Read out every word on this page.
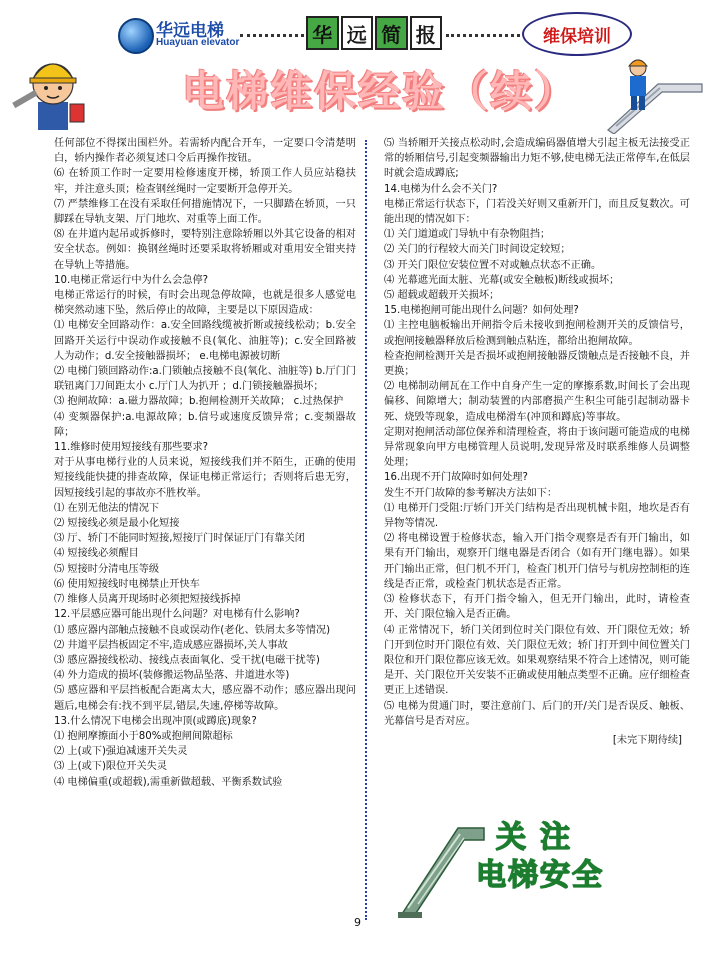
华远电梯
Huayuan elevator	华 远 简 报	维保培训
电梯维保经验（续）

任何部位不得探出围栏外。若需轿内配合开车，一定要口令清楚明白，轿内操作者必须复述口令后再操作按钮。

⑹ 在轿顶工作时一定要用检修速度开梯，轿顶工作人员应站稳扶牢，并注意头顶；检查钢丝绳时一定要断开急停开关。

⑺ 严禁维修工在没有采取任何措施情况下，一只脚踏在轿顶，一只脚踩在导轨支架、厅门地坎、对重等上面工作。

⑻ 在井道内起吊或拆修时，要特别注意除轿厢以外其它设备的相对安全状态。例如：换钢丝绳时还要采取将轿厢或对重用安全钳夹持在导轨上等措施。

10.电梯正常运行中为什么会急停?

电梯正常运行的时候，有时会出现急停故障，也就是很多人感觉电梯突然动速下坠，然后停止的故障，主要是以下原因造成：

⑴ 电梯安全回路动作：a.安全回路线缆被折断或接线松动；b.安全回路开关运行中误动作或接触不良(氧化、油脏等)；c.安全回路被人为动作；d.安全接触器损坏； e.电梯电源被切断

⑵ 电梯门锁回路动作:a.门锁触点接触不良(氧化、油脏等) b.厅门门联钮离门刀间距太小 c.厅门人为扒开 ；d.门锁接触器损坏；

⑶ 抱闸故障：a.磁力器故障；b.抱闸检测开关故障； c.过热保护

⑷ 变频器保护:a.电源故障；b.信号或速度反馈异常；c.变频器故障；

11.维修时使用短接线有那些要求?

对于从事电梯行业的人员来说，短接线我们并不陌生，正确的使用短接线能快捷的排查故障，保证电梯正常运行；否则将后患无穷，因短接线引起的事故亦不胜枚举。

⑴ 在别无他法的情况下

⑵ 短接线必须是最小化短接

⑶ 厅、轿门不能同时短接,短接厅门时保证厅门有靠关闭

⑷ 短接线必须醒目

⑸ 短接时分清电压等级

⑹ 使用短接线时电梯禁止开快车

⑺ 维修人员离开现场时必须把短接线拆掉

12.平层感应器可能出现什么问题？对电梯有什么影响?

⑴ 感应器内部触点接触不良或误动作(老化、铁屑太多等情况)

⑵ 井道平层挡板固定不牢,造成感应器损坏,关人事故

⑶ 感应器接线松动、接线点表面氧化、受干扰(电磁干扰等)

⑷ 外力造成的损坏(装修搬运物品坠落、井道进水等)

⑸ 感应器和平层挡板配合距离太大，感应器不动作；感应器出现问题后,电梯会有:找不到平层,错层,失速,停梯等故障。

13.什么情况下电梯会出现冲顶(或蹲底)现象?

⑴ 抱闸摩擦面小于80%或抱闸间隙超标

⑵ 上(或下)强迫减速开关失灵

⑶ 上(或下)限位开关失灵

⑷ 电梯偏重(或超载),需重新做超载、平衡系数试验

⑸ 当轿厢开关接点松动时,会造成编码器值增大引起主板无法接受正常的轿厢信号,引起变频器输出力矩不够,使电梯无法正常停车,在低层时就会造成蹲底;

14.电梯为什么会不关门?

电梯正常运行状态下，门若没关好则又重新开门，而且反复数次。可能出现的情况如下：

⑴ 关门道道或门导轨中有杂物阻挡；

⑵ 关门的行程较大而关门时间设定较短；

⑶ 开关门限位安装位置不对或触点状态不正确。

⑷ 光幕遮光面太脏、光幕(或安全触板)断线或损坏；

⑸ 超载或超载开关损坏；

15.电梯抱闸可能出现什么问题？如何处理?

⑴ 主控电脑板输出开闸指令后未接收到抱闸检测开关的反馈信号，或抱闸接触器释放后检测到触点粘连，都给出抱闸故障。

检查抱闸检测开关是否损坏或抱闸接触器反馈触点是否接触不良，并更换；

⑵ 电梯制动闸瓦在工作中自身产生一定的摩擦系数,时间长了会出现偏移、间隙增大；制动装置的内部磨损产生积尘可能引起制动器卡死、烧毁等现象，造成电梯滑车(冲顶和蹲底)等事故。

定期对抱闸活动部位保养和清理检查，将由于该问题可能造成的电梯异常现象向甲方电梯管理人员说明,发现异常及时联系维修人员调整处理；

16.出现不开门故障时如何处理?

发生不开门故障的参考解决方法如下：

⑴ 电梯开门受阻:厅轿门开关门结构是否出现机械卡阻，地坎是否有异物等情况.

⑵ 将电梯设置于检修状态，输入开门指令观察是否有开门输出，如果有开门输出，观察开门继电器是否闭合（如有开门继电器）。如果开门输出正常，但门机不开门，检查门机开门信号与机房控制柜的连线是否正常，或检查门机状态是否正常。

⑶ 检修状态下，有开门指令输入，但无开门输出，此时，请检查开、关门限位输入是否正确。

⑷ 正常情况下，轿门关闭到位时关门限位有效、开门限位无效；轿门开到位时开门限位有效、关门限位无效；轿门打开到中间位置关门限位和开门限位都应该无效。如果观察结果不符合上述情况，则可能是开、关门限位开关安装不正确或使用触点类型不正确。应仔细检查更正上述错误.

⑸ 电梯为贯通门时，要注意前门、后门的开/关门是否误反、触板、光幕信号是否对应。

[未完下期待续]

关注
电梯安全
9
